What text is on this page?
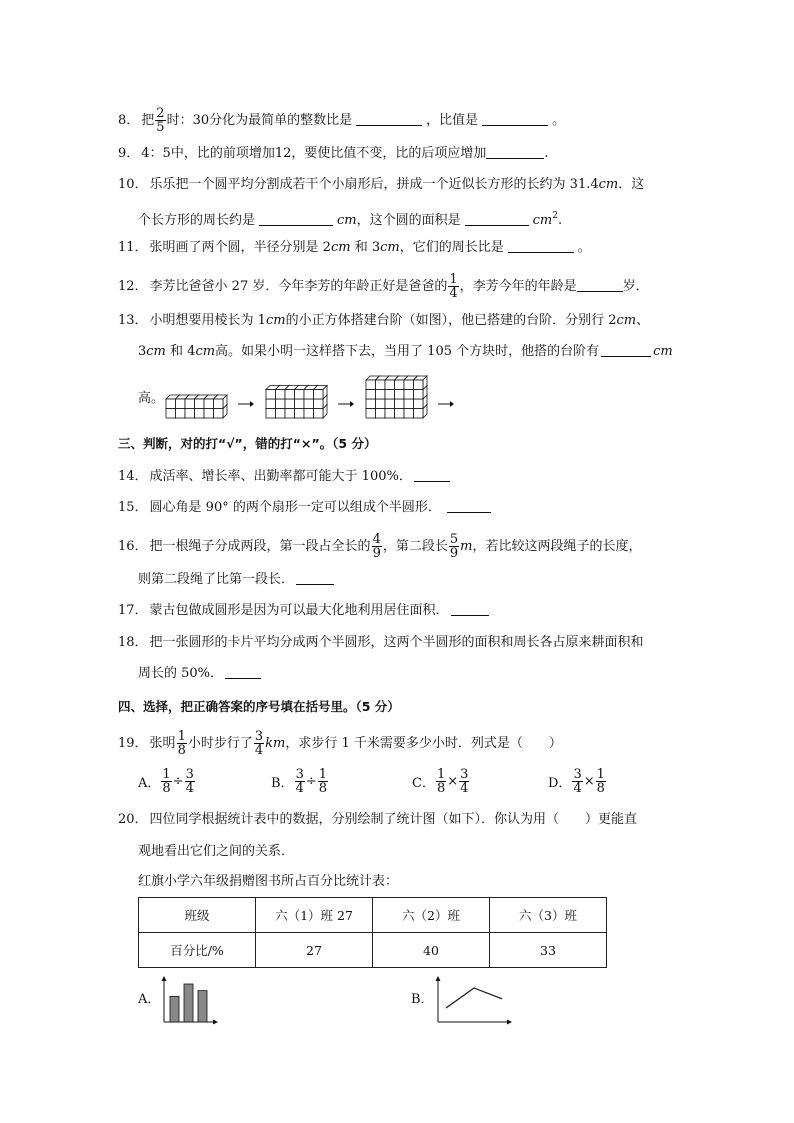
8． 把 $\frac{2}{5}$ 时：30分化为最简单的整数比是	，比值是	。
9． 4：5中，比的前项增加12，要使比值不变，比的后项应增加	.
10． 乐乐把一个圆平均分割成若干个小扇形后，拼成一个近似长方形的长约为 31.4cm．这
个长方形的周长约是	cm，这个圆的面积是	$cm^2$.
11． 张明画了两个圆，半径分别是 2cm 和 3cm，它们的周长比是	。
12． 李芳比爸爸小 27 岁．今年李芳的年龄正好是爸爸的 $\frac{1}{4}$ ，李芳今年的年龄是	岁．
13． 小明想要用棱长为 1cm的小正方体搭建台阶（如图），他已搭建的台阶．分别行 2cm、
3cm 和 4cm高。如果小明一这样搭下去，当用了 105 个方块时，他搭的台阶有	cm
高。
三、判断，对的打“√”，错的打“×”。（5 分）
14． 成活率、增长率、出勤率都可能大于 100%．
15． 圆心角是 90° 的两个扇形一定可以组成个半圆形．
16． 把一根绳子分成两段，第一段占全长的 $\frac{4}{9}$ ，第二段长 $\frac{5}{9}$ m，若比较这两段绳子的长度，
则第二段绳了比第一段长．
17． 蒙古包做成圆形是因为可以最大化地利用居住面积．
18． 把一张圆形的卡片平均分成两个半圆形，这两个半圆形的面积和周长各占原来耕面积和
周长的 50%．
四、选择，把正确答案的序号填在括号里。（5 分）
19． 张明 $\frac{1}{8}$ 小时步行了 $\frac{3}{4}$ km，求步行 1 千米需要多少小时．列式是（　　）
A． $\frac{1}{8} \div \frac{3}{4}$	B． $\frac{3}{4} \div \frac{1}{8}$	C． $\frac{1}{8} \times \frac{3}{4}$	D． $\frac{3}{4} \times \frac{1}{8}$
20． 四位同学根据统计表中的数据，分别绘制了统计图（如下）．你认为用（　　）更能直
观地看出它们之间的关系．
红旗小学六年级捐赠图书所占百分比统计表：
班级	六（1）班 27	六（2）班	六（3）班
百分比/%	27	40	33
A．	B．
